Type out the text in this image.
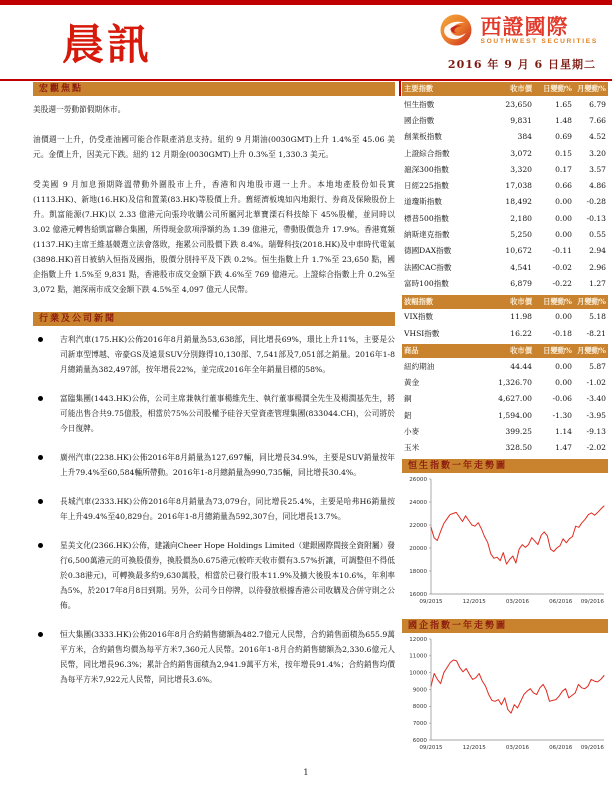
晨訊	西證國際
SOUTHWEST SECURITIES
2016 年 9 月 6 日星期二
宏觀焦點

美股週一勞動節假期休市。

油價週一上升，仍受產油國可能合作限產消息支持。紐約 9 月期油(0030GMT)上升 1.4%至 45.06 美元。金價上升，因美元下跌。紐約 12 月期金(0030GMT)上升 0.3%至 1,330.3 美元。

受美國 9 月加息預期降溫帶動外圍股市上升，香港和內地股市週一上升。本地地產股份如長實(1113.HK)、新地(16.HK)及信和置業(83.HK)等股價上升。舊經濟板塊如內地銀行、券商及保險股份上升。凱富能源(7.HK)以 2.33 億港元向張玲收購公司所屬河北華寶溧石科技餘下 45%股權，並同時以 3.02 億港元轉售給凱富聯合集團，所得現金款項淨額約為 1.39 億港元，帶動股價急升 17.9%。香港寬頻(1137.HK)主席王維基競選立法會落敗，拖累公司股價下跌 8.4%。瑞聲科技(2018.HK)及中車時代電氣(3898.HK)首日被納入恒指及國指，股價分別持平及下跌 0.2%。恒生指數上升 1.7%至 23,650 點，國企指數上升 1.5%至 9,831 點，香港股市成交金額下跌 4.6%至 769 億港元。上證綜合指數上升 0.2%至 3,072 點，滬深兩市成交金額下跌 4.5%至 4,097 億元人民幣。

行業及公司新聞
吉利汽車(175.HK)公佈2016年8月銷量為53,638部，同比增長69%，環比上升11%，主要是公司新車型博越、帝豪GS及遠景SUV分別錄得10,130部、7,541部及7,051部之銷量。2016年1-8月總銷量為382,497部，按年增長22%，並完成2016年全年銷量目標的58%。
富臨集團(1443.HK)公佈，公司主席兼執行董事楊維先生、執行董事楊潤全先生及楊潤基先生，將可能出售合共9.75億股，相當於75%公司股權予硅谷天堂資產管理集團(833044.CH)，公司將於今日復牌。
廣州汽車(2238.HK)公佈2016年8月銷量為127,697輛，同比增長34.9%，主要是SUV銷量按年上升79.4%至60,584輛所帶動。2016年1-8月總銷量為990,735輛，同比增長30.4%。
長城汽車(2333.HK)公佈2016年8月銷量為73,079台，同比增長25.4%，主要是哈弗H6銷量按年上升49.4%至40,829台。2016年1-8月總銷量為592,307台，同比增長13.7%。
星美文化(2366.HK)公佈，建議向Cheer Hope Holdings Limited（建銀國際間接全資附屬）發行6,500萬港元的可換股債券，換股價為0.675港元(較昨天收市價有3.57%折讓，可調整但不得低於0.38港元)，可轉換最多約9,630萬股，相當於已發行股本11.9%及擴大後股本10.6%，年利率為5%，於2017年8月8日到期。另外，公司今日停牌，以待發放根據香港公司收購及合併守則之公佈。
恒大集團(3333.HK)公佈2016年8月合約銷售總額為482.7億元人民幣，合約銷售面積為655.9萬平方米，合約銷售均價為每平方米7,360元人民幣。2016年1-8月合約銷售總額為2,330.6億元人民幣，同比增長96.3%；累計合約銷售面積為2,941.9萬平方米，按年增長91.4%；合約銷售均價為每平方米7,922元人民幣，同比增長3.6%。
主要指數	收市價	日變動% 月變動%
恒生指數	23,650	1.65	6.79
國企指數	9,831	1.48	7.66
創業板指數	384	0.69	4.52
上證綜合指數	3,072	0.15	3.20
滬深300指數	3,320	0.17	3.57
日經225指數	17,038	0.66	4.86
道瓊斯指數	18,492	0.00	-0.28
標普500指數	2,180	0.00	-0.13
納斯達克指數	5,250	0.00	0.55
德國DAX指數	10,672	-0.11	2.94
法國CAC指數	4,541	-0.02	2.96
富時100指數	6,879	-0.22	1.27
波幅指數	收市價	日變動% 月變動%
VIX指數	11.98	0.00	5.18
VHSI指數	16.22	-0.18	-8.21
商品	收市價	日變動% 月變動%
紐約期油	44.44	0.00	5.87
黃金	1,326.70	0.00	-1.02
銅	4,627.00	-0.06	-3.40
鋁	1,594.00	-1.30	-3.95
小麥	399.25	1.14	-9.13
玉米	328.50	1.47	-2.02
恒生指數一年走勢圖
16000
18000
20000
22000
24000
26000
09/2015	12/2015	03/2016	06/2016 09/2016
國企指數一年走勢圖
6000
7000
8000
9000
10000
11000
12000
09/2015	12/2015	03/2016	06/2016 09/2016
1
